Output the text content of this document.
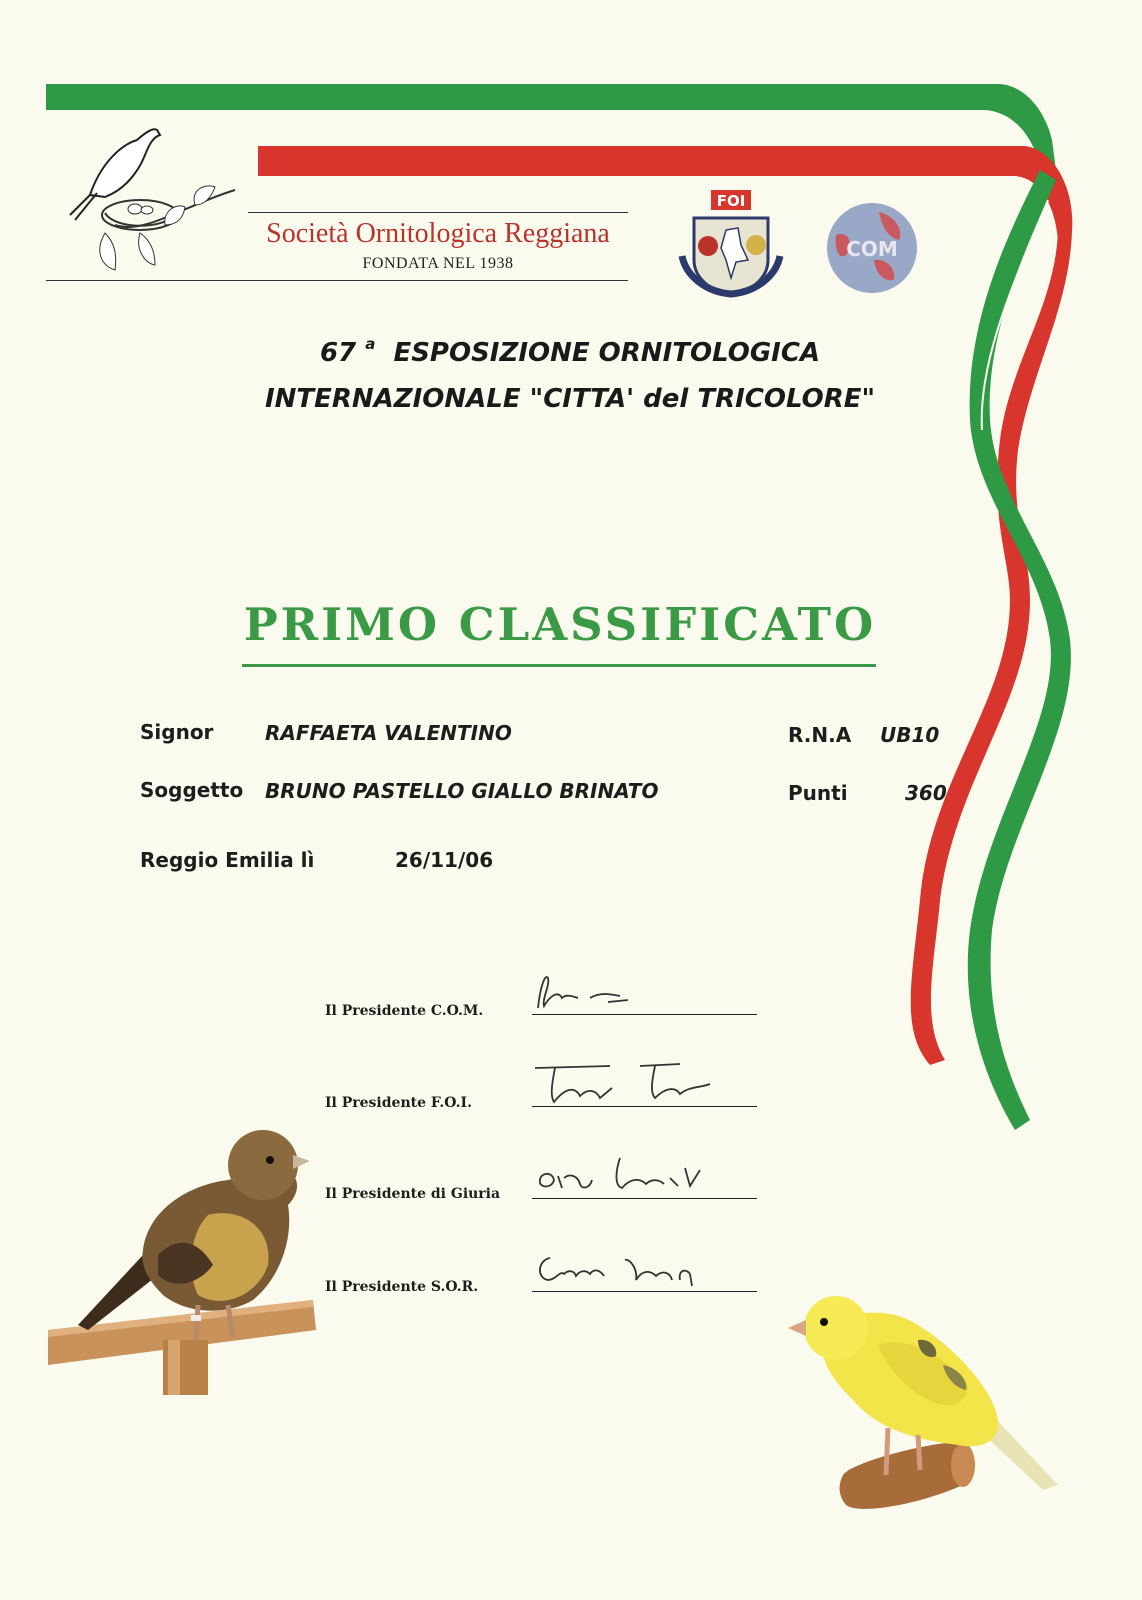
Società Ornitologica Reggiana
FONDATA NEL 1938
FOI
COM
67 $^a$ ESPOSIZIONE ORNITOLOGICA
INTERNAZIONALE "CITTA' del TRICOLORE"
PRIMO CLASSIFICATO
Signor	RAFFAETA VALENTINO	R.N.A UB10
Soggetto BRUNO PASTELLO GIALLO BRINATO	Punti	360
Reggio Emilia lì	26/11/06
Il Presidente C.O.M.
Il Presidente F.O.I.
Il Presidente di Giuria
Il Presidente S.O.R.
